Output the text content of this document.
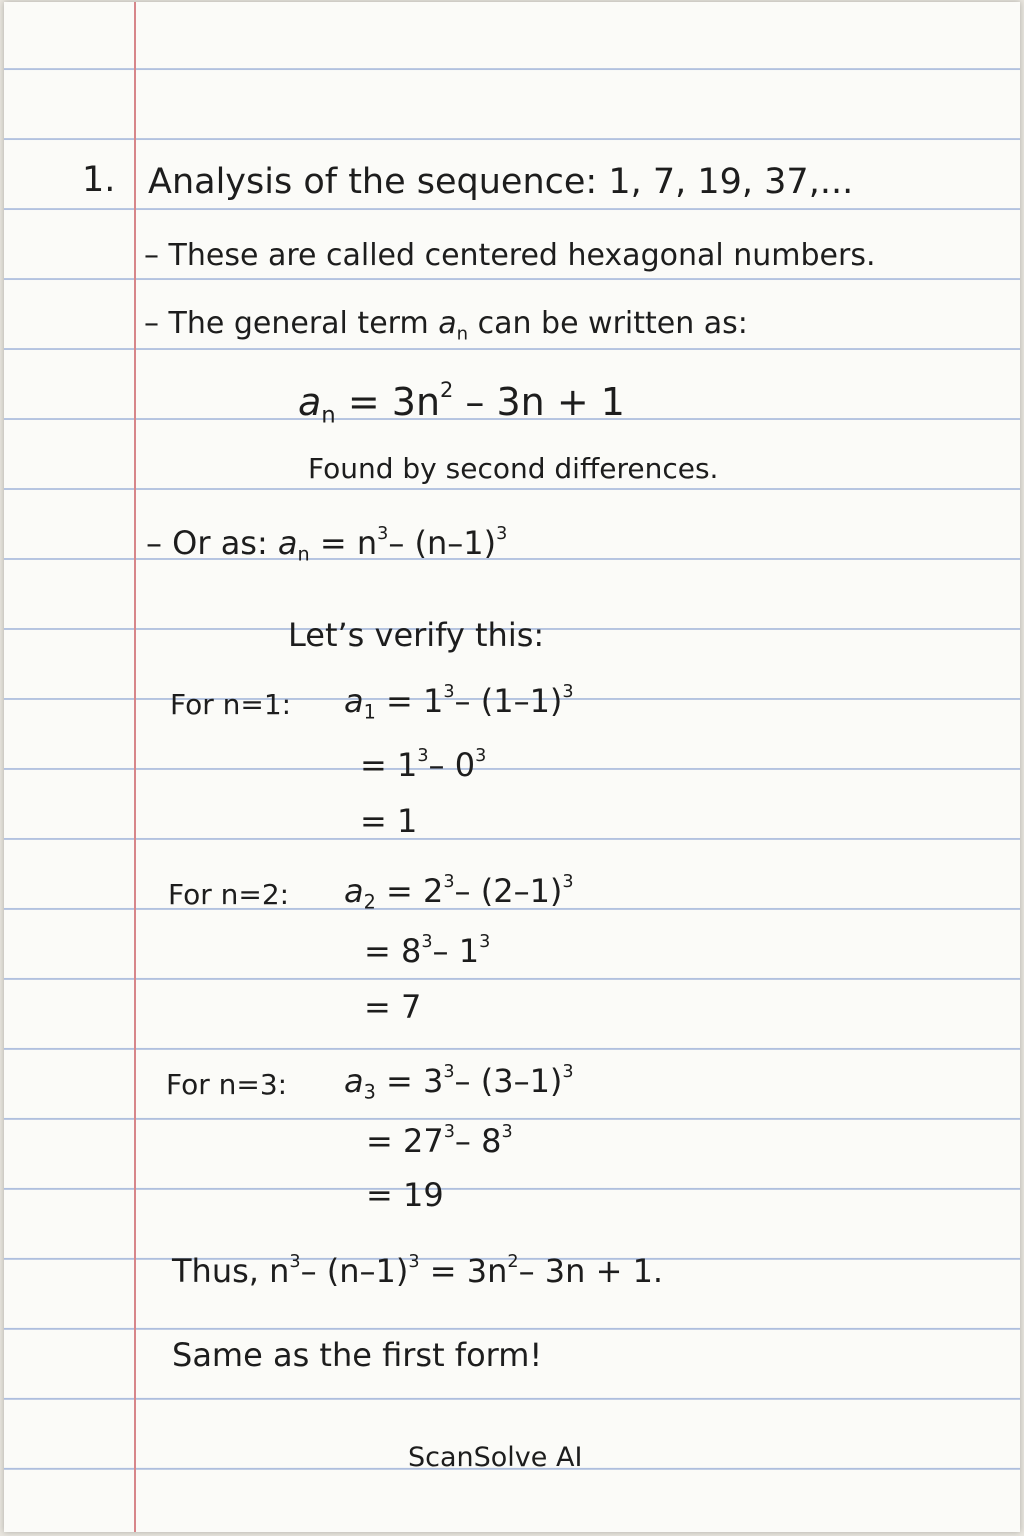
1. Analysis of the sequence: 1, 7, 19, 37,...
– These are called centered hexagonal numbers.
– The general term $a_n$ can be written as:
$a_n = 3n^2 - 3n + 1$
Found by second differences.
– Or as: $a_n = n^3-$ $(n-1)^3$
Let’s verify this:
For n=1: $a_1 = 1^3-$ $(1-1)^3$
= $1^3-$ $0^3$
= 1
For n=2: $a_2 = 2^3-$ $(2-1)^3$
= $8^3-$ $1^3$
= 7
For n=3: $a_3 = 3^3-$ $(3-1)^3$
= $27^3-$ $8^3$
= 19
Thus, $n^3-$ $(n-1)^3 = 3n^2-$ 3n + 1.
Same as the first form!
ScanSolve AI
